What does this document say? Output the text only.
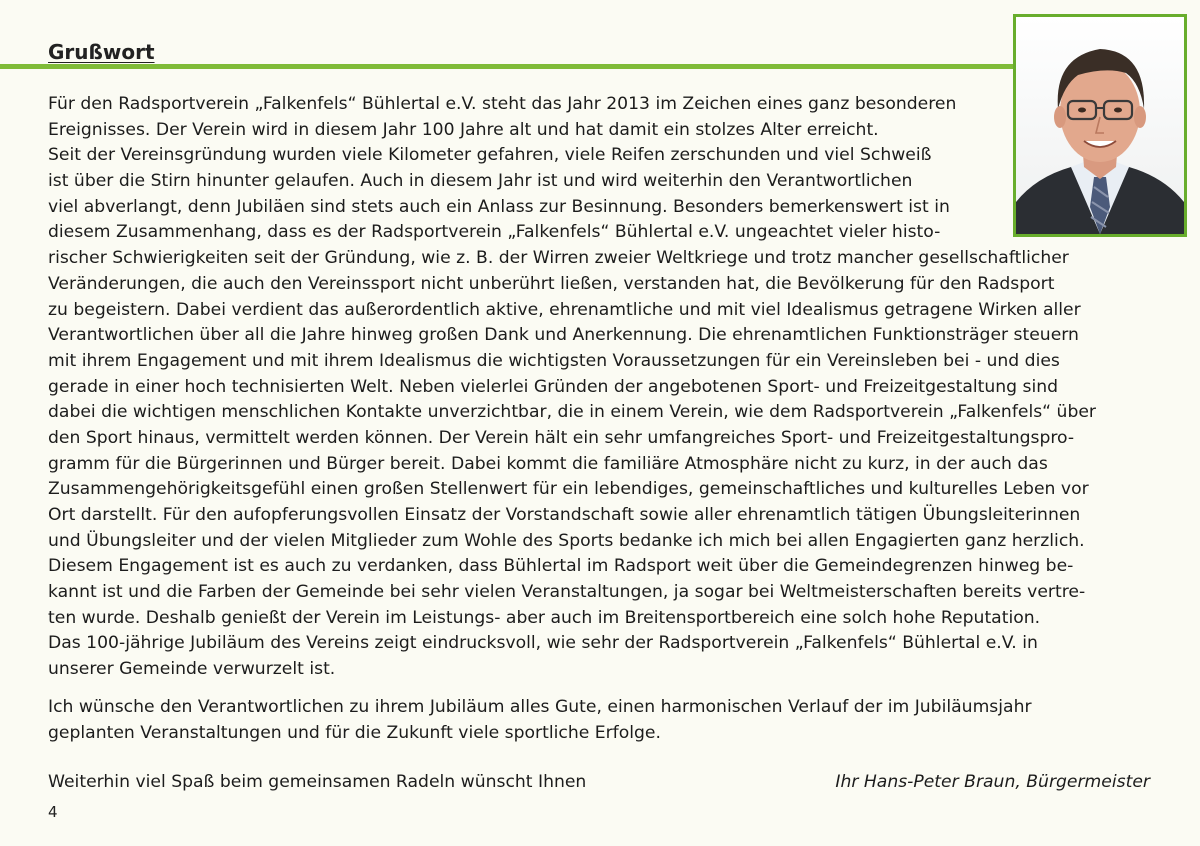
Grußwort
Für den Radsportverein „Falkenfels“ Bühlertal e.V. steht das Jahr 2013 im Zeichen eines ganz besonderen
Ereignisses. Der Verein wird in diesem Jahr 100 Jahre alt und hat damit ein stolzes Alter erreicht.
Seit der Vereinsgründung wurden viele Kilometer gefahren, viele Reifen zerschunden und viel Schweiß
ist über die Stirn hinunter gelaufen. Auch in diesem Jahr ist und wird weiterhin den Verantwortlichen
viel abverlangt, denn Jubiläen sind stets auch ein Anlass zur Besinnung. Besonders bemerkenswert ist in
diesem Zusammenhang, dass es der Radsportverein „Falkenfels“ Bühlertal e.V. ungeachtet vieler histo-
rischer Schwierigkeiten seit der Gründung, wie z. B. der Wirren zweier Weltkriege und trotz mancher gesellschaftlicher
Veränderungen, die auch den Vereinssport nicht unberührt ließen, verstanden hat, die Bevölkerung für den Radsport
zu begeistern. Dabei verdient das außerordentlich aktive, ehrenamtliche und mit viel Idealismus getragene Wirken aller
Verantwortlichen über all die Jahre hinweg großen Dank und Anerkennung. Die ehrenamtlichen Funktionsträger steuern
mit ihrem Engagement und mit ihrem Idealismus die wichtigsten Voraussetzungen für ein Vereinsleben bei - und dies
gerade in einer hoch technisierten Welt. Neben vielerlei Gründen der angebotenen Sport- und Freizeitgestaltung sind
dabei die wichtigen menschlichen Kontakte unverzichtbar, die in einem Verein, wie dem Radsportverein „Falkenfels“ über
den Sport hinaus, vermittelt werden können. Der Verein hält ein sehr umfangreiches Sport- und Freizeitgestaltungspro-
gramm für die Bürgerinnen und Bürger bereit. Dabei kommt die familiäre Atmosphäre nicht zu kurz, in der auch das
Zusammengehörigkeitsgefühl einen großen Stellenwert für ein lebendiges, gemeinschaftliches und kulturelles Leben vor
Ort darstellt. Für den aufopferungsvollen Einsatz der Vorstandschaft sowie aller ehrenamtlich tätigen Übungsleiterinnen
und Übungsleiter und der vielen Mitglieder zum Wohle des Sports bedanke ich mich bei allen Engagierten ganz herzlich.
Diesem Engagement ist es auch zu verdanken, dass Bühlertal im Radsport weit über die Gemeindegrenzen hinweg be-
kannt ist und die Farben der Gemeinde bei sehr vielen Veranstaltungen, ja sogar bei Weltmeisterschaften bereits vertre-
ten wurde. Deshalb genießt der Verein im Leistungs- aber auch im Breitensportbereich eine solch hohe Reputation.
Das 100-jährige Jubiläum des Vereins zeigt eindrucksvoll, wie sehr der Radsportverein „Falkenfels“ Bühlertal e.V. in
unserer Gemeinde verwurzelt ist.
Ich wünsche den Verantwortlichen zu ihrem Jubiläum alles Gute, einen harmonischen Verlauf der im Jubiläumsjahr
geplanten Veranstaltungen und für die Zukunft viele sportliche Erfolge.
Weiterhin viel Spaß beim gemeinsamen Radeln wünscht Ihnen	Ihr Hans-Peter Braun, Bürgermeister
4
